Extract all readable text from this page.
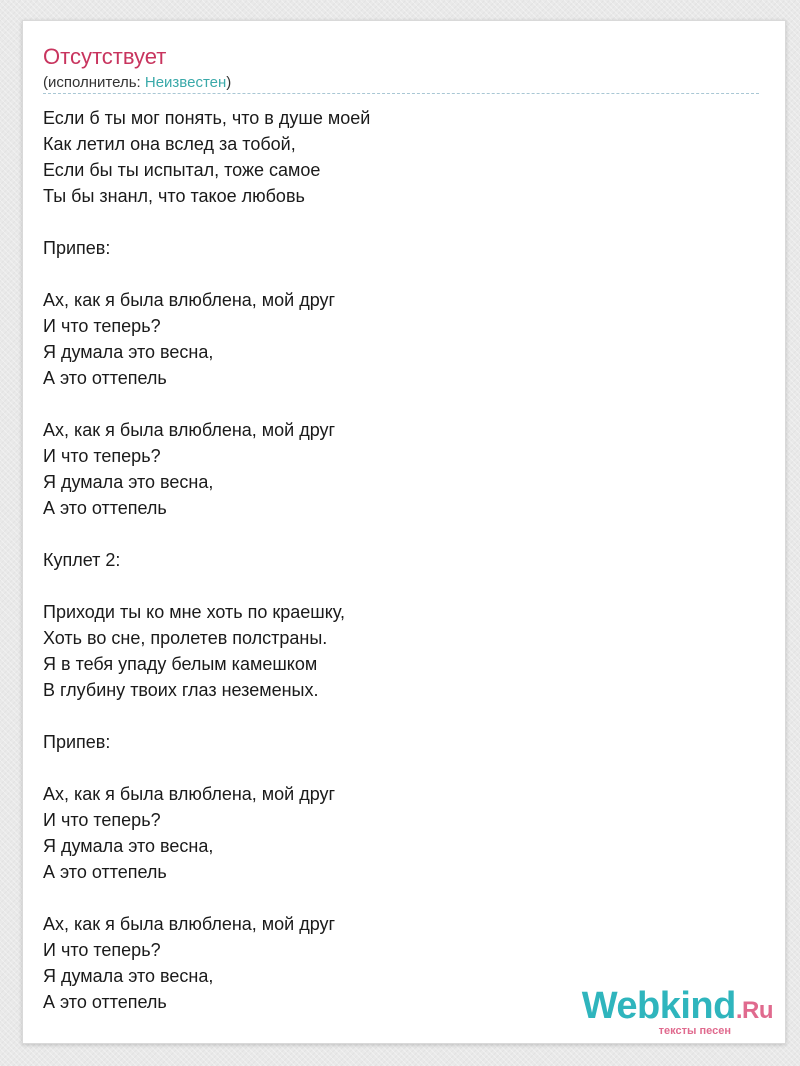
Отсутствует
(исполнитель: Неизвестен)
Если б ты мог понять, что в душе моей
Как летил она вслед за тобой,
Если бы ты испытал, тоже самое
Ты бы знанл, что такое любовь
Припев:
Ах, как я была влюблена, мой друг
И что теперь?
Я думала это весна,
А это оттепель
Ах, как я была влюблена, мой друг
И что теперь?
Я думала это весна,
А это оттепель
Куплет 2:
Приходи ты ко мне хоть по краешку,
Хоть во сне, пролетев полстраны.
Я в тебя упаду белым камешком
В глубину твоих глаз неземеных.
Припев:
Ах, как я была влюблена, мой друг
И что теперь?
Я думала это весна,
А это оттепель
Ах, как я была влюблена, мой друг
И что теперь?
Я думала это весна,
А это оттепель	Webkind.Ru
тексты песен
